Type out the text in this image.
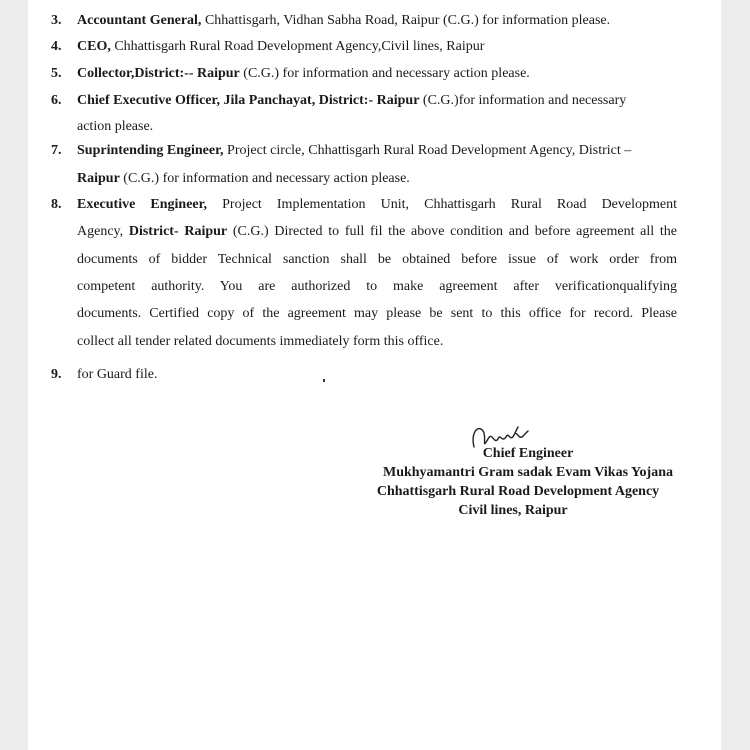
3. Accountant General, Chhattisgarh, Vidhan Sabha Road, Raipur (C.G.) for information please.
4. CEO, Chhattisgarh Rural Road Development Agency,Civil lines, Raipur
5. Collector,District:-- Raipur (C.G.) for information and necessary action please.
6. Chief Executive Officer, Jila Panchayat, District:- Raipur (C.G.)for information and necessary
action please.
7. Suprintending Engineer, Project circle, Chhattisgarh Rural Road Development Agency, District –
Raipur (C.G.) for information and necessary action please.
8. Executive Engineer, Project Implementation Unit, Chhattisgarh Rural Road Development
Agency, District- Raipur (C.G.) Directed to full fil the above condition and before agreement all the
documents of bidder Technical sanction shall be obtained before issue of work order from
competent authority. You are authorized to make agreement after verificationqualifying
documents. Certified copy of the agreement may please be sent to this office for record. Please
collect all tender related documents immediately form this office.
9. for Guard file.
Chief Engineer
Mukhyamantri Gram sadak Evam Vikas Yojana
Chhattisgarh Rural Road Development Agency
Civil lines, Raipur
